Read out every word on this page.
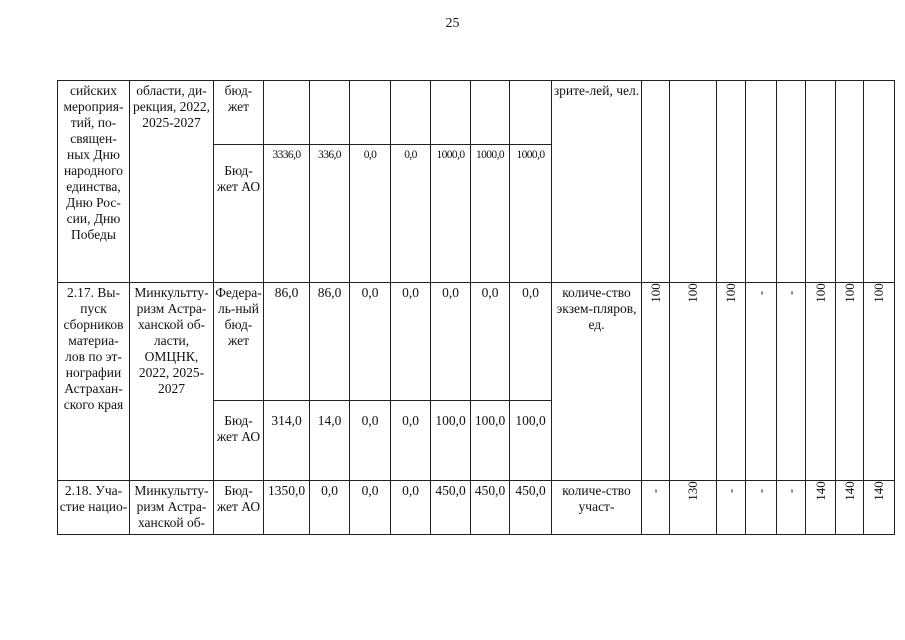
25
сийских мероприя-тий, по-священ-ных Дню народного единства, Дню Рос-сии, Дню Победы	области, ди-рекция, 2022, 2025-2027	бюд-жет								зрите-лей, чел.								
		Бюд-жет АО	3336,0	336,0	0,0	0,0	1000,0	1000,0	1000,0									
2.17. Вы-пуск сборников материа-лов по эт-нографии Астрахан-ского края	Минкультту-ризм Астра-ханской об-ласти, ОМЦНК, 2022, 2025-2027	Федера-ль-ный бюд-жет	86,0	86,0	0,0	0,0	0,0	0,0	0,0	количе-ство экзем-пляров, ед.	100	100	100	-	-	100	100	100
		Бюд-жет АО	314,0	14,0	0,0	0,0	100,0	100,0	100,0									
2.18. Уча-стие нацио-	Минкультту-ризм Астра-ханской об-	Бюд-жет АО	1350,0	0,0	0,0	0,0	450,0	450,0	450,0	количе-ство участ-	-	130	-	-	-	140	140	140
